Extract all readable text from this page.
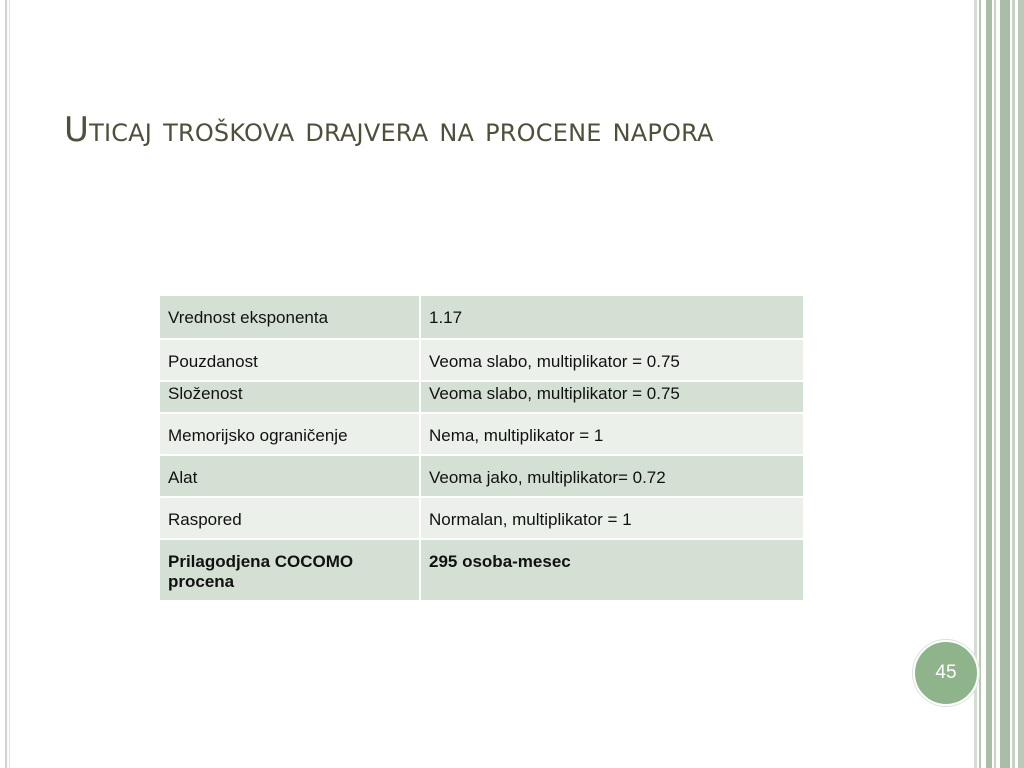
Uticaj troškova drajvera na procene napora
Vrednost eksponenta	1.17
Pouzdanost	Veoma slabo, multiplikator = 0.75
Složenost	Veoma slabo, multiplikator = 0.75
Memorijsko ograničenje	Nema, multiplikator = 1
Alat	Veoma jako, multiplikator= 0.72
Raspored	Normalan, multiplikator = 1
Prilagodjena COCOMO procena	295 osoba-mesec
45
